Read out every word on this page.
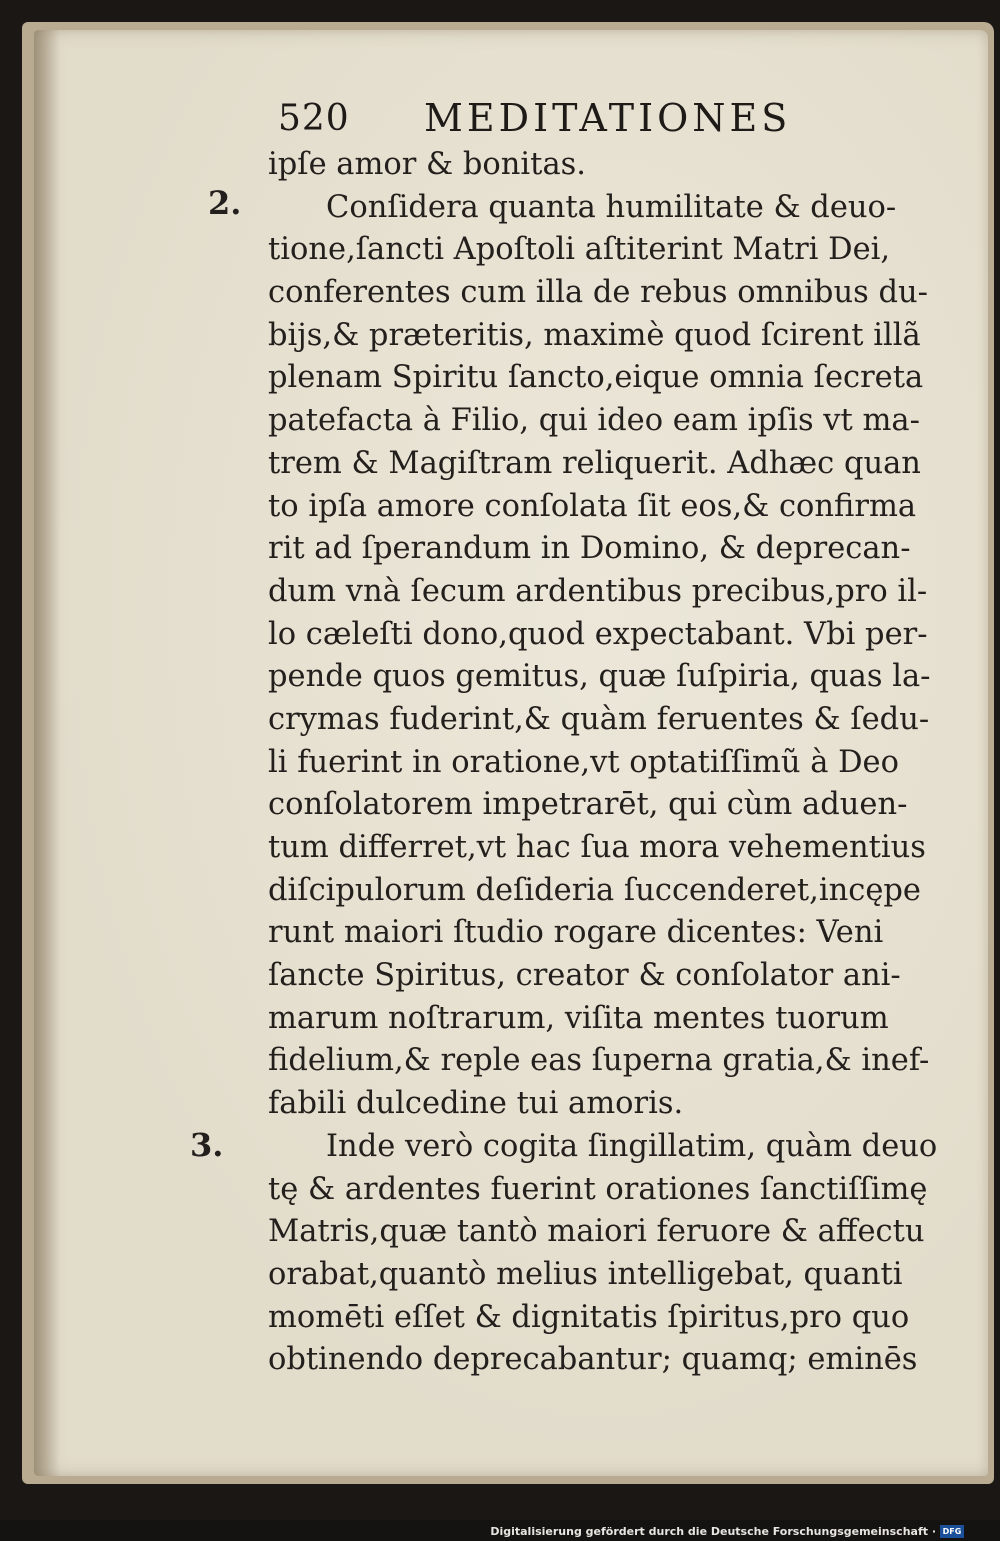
520 MEDITATIONES
2.
3.
ipſe amor & bonitas.
Conſidera quanta humilitate & deuo-
tione,ſancti Apoſtoli aſtiterint Matri Dei,
conferentes cum illa de rebus omnibus du-
bijs,& præteritis, maximè quod ſcirent illã
plenam Spiritu ſancto,eique omnia ſecreta
patefacta à Filio, qui ideo eam ipſis vt ma-
trem & Magiſtram reliquerit. Adhæc quan
to ipſa amore conſolata ſit eos,& confirma
rit ad ſperandum in Domino, & deprecan-
dum vnà ſecum ardentibus precibus,pro il-
lo cæleſti dono,quod expectabant. Vbi per-
pende quos gemitus, quæ ſuſpiria, quas la-
crymas fuderint,& quàm feruentes & ſedu-
li fuerint in oratione,vt optatiſſimũ à Deo
conſolatorem impetrarēt, qui cùm aduen-
tum differret,vt hac ſua mora vehementius
diſcipulorum deſideria ſuccenderet,incępe
runt maiori ſtudio rogare dicentes: Veni
ſancte Spiritus, creator & conſolator ani-
marum noſtrarum, viſita mentes tuorum
fidelium,& reple eas ſuperna gratia,& inef-
fabili dulcedine tui amoris.
Inde verò cogita ſingillatim, quàm deuo
tę & ardentes fuerint orationes ſanctiſſimę
Matris,quæ tantò maiori feruore & affectu
orabat,quantò melius intelligebat, quanti
momēti eſſet & dignitatis ſpiritus,pro quo
obtinendo deprecabantur; quamq; eminēs
Digitalisierung gefördert durch die Deutsche Forschungsgemeinschaft · DFG
